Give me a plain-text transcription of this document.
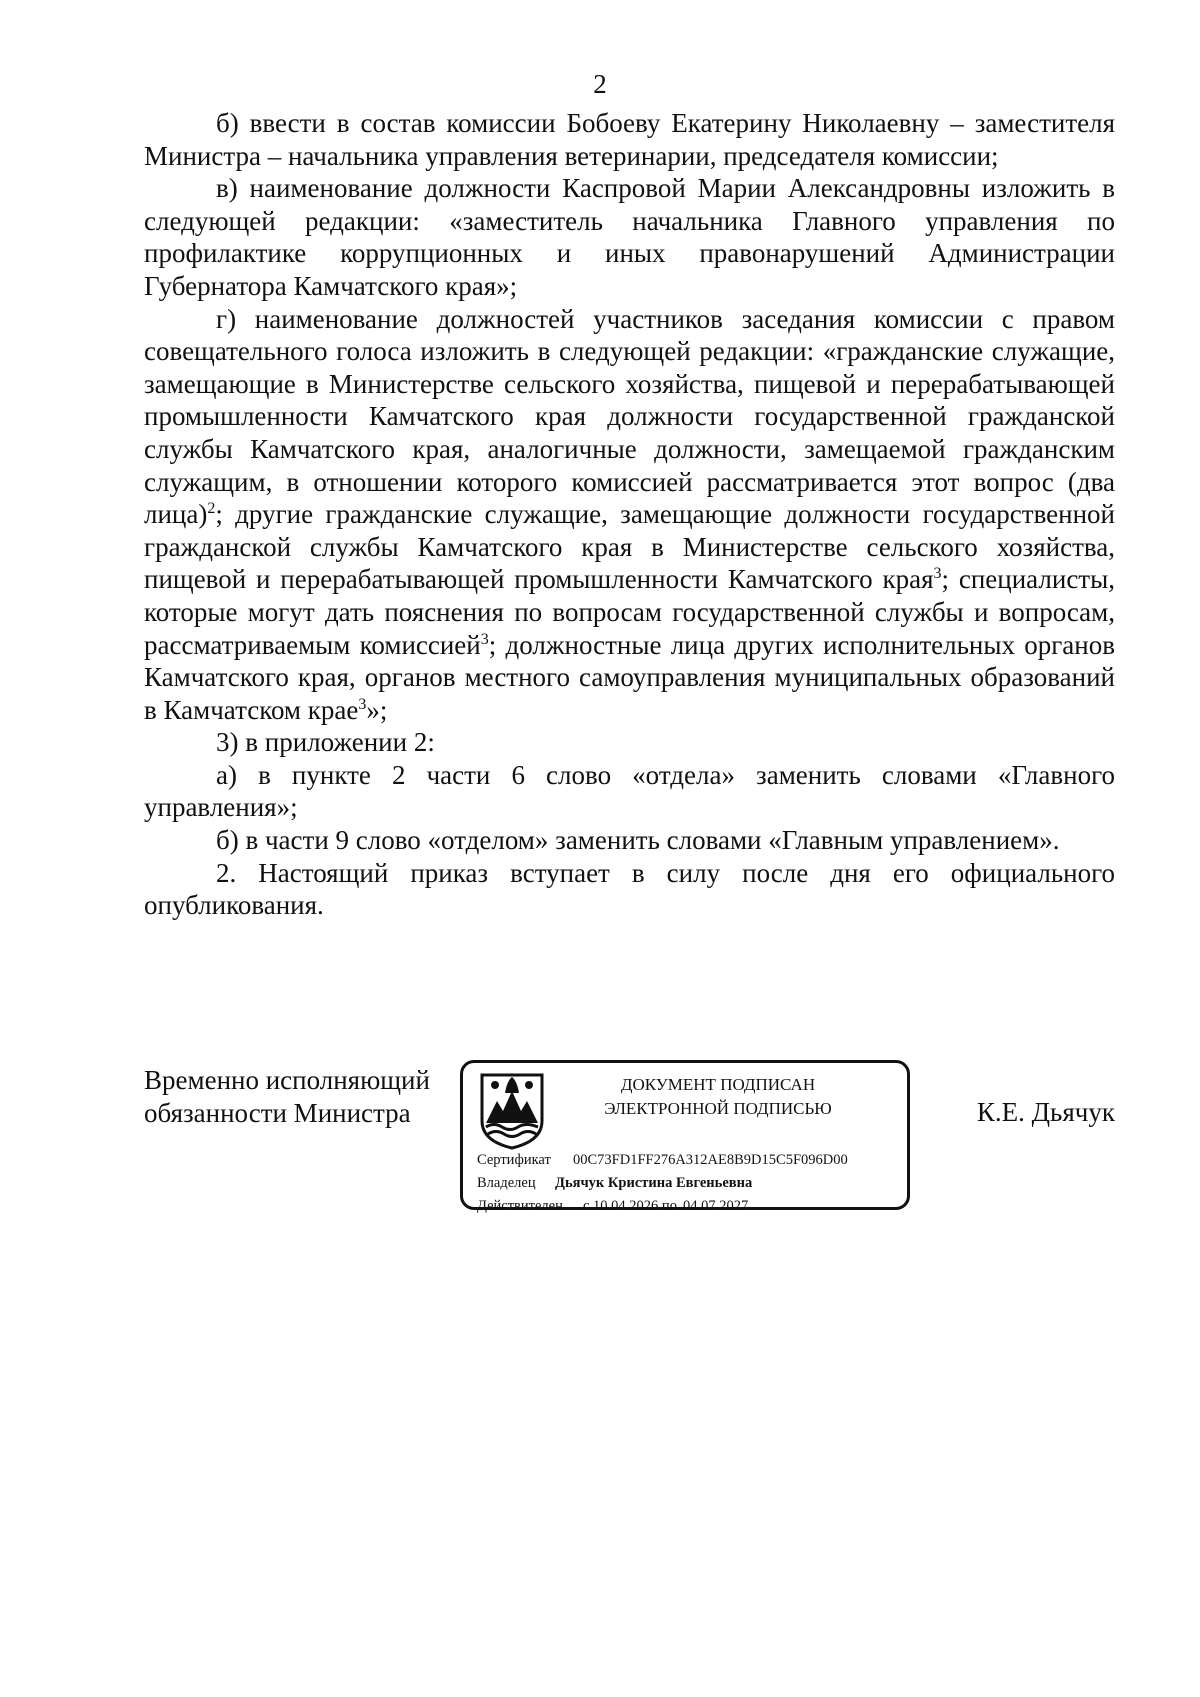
2

б) ввести в состав комиссии Бобоеву Екатерину Николаевну – заместителя Министра – начальника управления ветеринарии, председателя комиссии;

в) наименование должности Каспровой Марии Александровны изложить в следующей редакции: «заместитель начальника Главного управления по профилактике коррупционных и иных правонарушений Администрации Губернатора Камчатского края»;

г) наименование должностей участников заседания комиссии с правом совещательного голоса изложить в следующей редакции: «гражданские служащие, замещающие в Министерстве сельского хозяйства, пищевой и перерабатывающей промышленности Камчатского края должности государственной гражданской службы Камчатского края, аналогичные должности, замещаемой гражданским служащим, в отношении которого комиссией рассматривается этот вопрос (два лица)$^2$; другие гражданские служащие, замещающие должности государственной гражданской службы Камчатского края в Министерстве сельского хозяйства, пищевой и перерабатывающей промышленности Камчатского края$^3$; специалисты, которые могут дать пояснения по вопросам государственной службы и вопросам, рассматриваемым комиссией$^3$; должностные лица других исполнительных органов Камчатского края, органов местного самоуправления муниципальных образований в Камчатском крае$^3$»;

3) в приложении 2:

а) в пункте 2 части 6 слово «отдела» заменить словами «Главного управления»;

б) в части 9 слово «отделом» заменить словами «Главным управлением».

2. Настоящий приказ вступает в силу после дня его официального опубликования.

Временно исполняющий
обязанности Министра
ДОКУМЕНТ ПОДПИСАН
ЭЛЕКТРОННОЙ ПОДПИСЬЮ
Сертификат 00C73FD1FF276A312AE8B9D15C5F096D00
Владелец Дьячук Кристина Евгеньевна
Действителен с 10.04.2026 по 04.07.2027
К.Е. Дьячук
